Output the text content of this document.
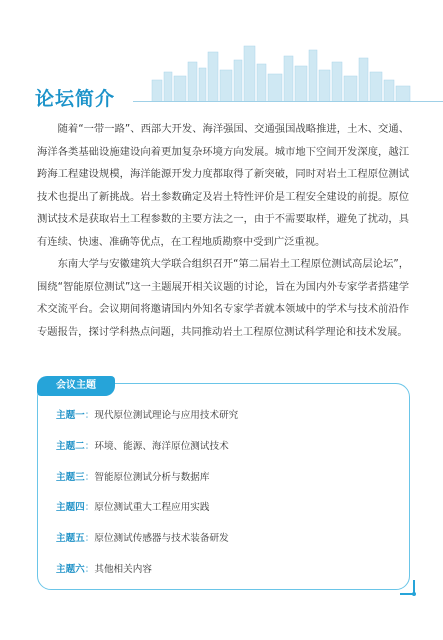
论坛简介

随着“一带一路”、西部大开发、海洋强国、交通强国战略推进，土木、交通、海洋各类基础设施建设向着更加复杂环境方向发展。城市地下空间开发深度，越江跨海工程建设规模，海洋能源开发力度都取得了新突破，同时对岩土工程原位测试技术也提出了新挑战。岩土参数确定及岩土特性评价是工程安全建设的前提。原位测试技术是获取岩土工程参数的主要方法之一，由于不需要取样，避免了扰动，具有连续、快速、准确等优点，在工程地质勘察中受到广泛重视。

东南大学与安徽建筑大学联合组织召开“第二届岩土工程原位测试高层论坛”，围绕“智能原位测试”这一主题展开相关议题的讨论，旨在为国内外专家学者搭建学术交流平台。会议期间将邀请国内外知名专家学者就本领域中的学术与技术前沿作专题报告，探讨学科热点问题，共同推动岩土工程原位测试科学理论和技术发展。

会议主题
主题一：现代原位测试理论与应用技术研究
主题二：环境、能源、海洋原位测试技术
主题三：智能原位测试分析与数据库
主题四：原位测试重大工程应用实践
主题五：原位测试传感器与技术装备研发
主题六：其他相关内容
